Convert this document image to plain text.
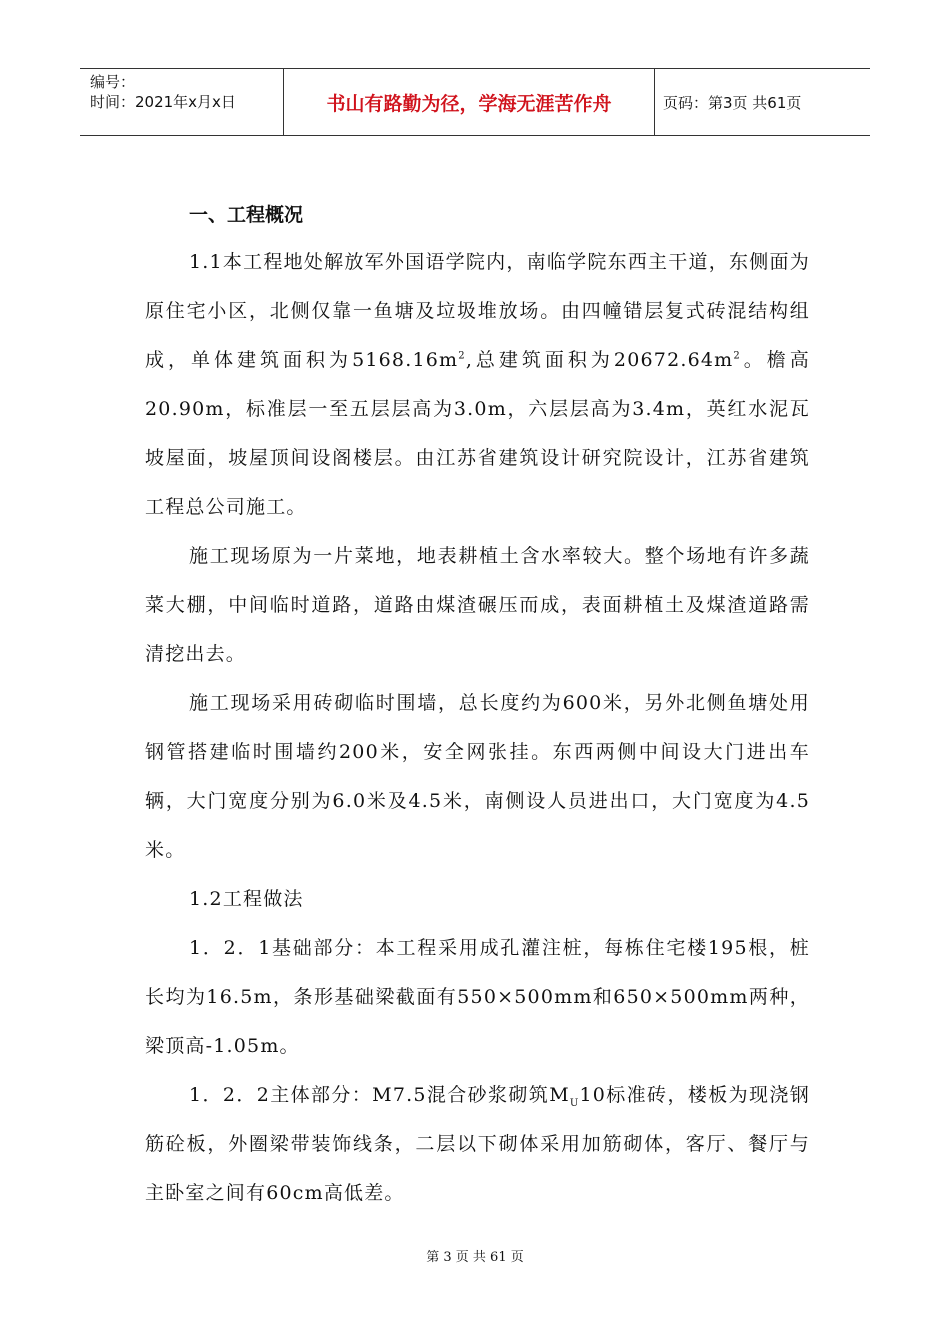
编号：
时间：2021年x月x日	书山有路勤为径，学海无涯苦作舟	页码：第3页 共61页
一、工程概况

1.1本工程地处解放军外国语学院内，南临学院东西主干道，东侧面为原住宅小区，北侧仅靠一鱼塘及垃圾堆放场。由四幢错层复式砖混结构组成，单体建筑面积为$5168.16m^2$,总建筑面积为$20672.64m^2$。檐高20.90m，标准层一至五层层高为3.0m，六层层高为3.4m，英红水泥瓦坡屋面，坡屋顶间设阁楼层。由江苏省建筑设计研究院设计，江苏省建筑工程总公司施工。

施工现场原为一片菜地，地表耕植土含水率较大。整个场地有许多蔬菜大棚，中间临时道路，道路由煤渣碾压而成，表面耕植土及煤渣道路需清挖出去。

施工现场采用砖砌临时围墙，总长度约为600米，另外北侧鱼塘处用钢管搭建临时围墙约200米，安全网张挂。东西两侧中间设大门进出车辆，大门宽度分别为6.0米及4.5米，南侧设人员进出口，大门宽度为4.5米。

1.2工程做法

1．2．1基础部分：本工程采用成孔灌注桩，每栋住宅楼195根，桩长均为16.5m，条形基础梁截面有550×500mm和650×500mm两种，梁顶高-1.05m。

1．2．2主体部分：M7.5混合砂浆砌筑$M_U10$标准砖，楼板为现浇钢筋砼板，外圈梁带装饰线条，二层以下砌体采用加筋砌体，客厅、餐厅与主卧室之间有60cm高低差。

第 3 页 共 61 页
